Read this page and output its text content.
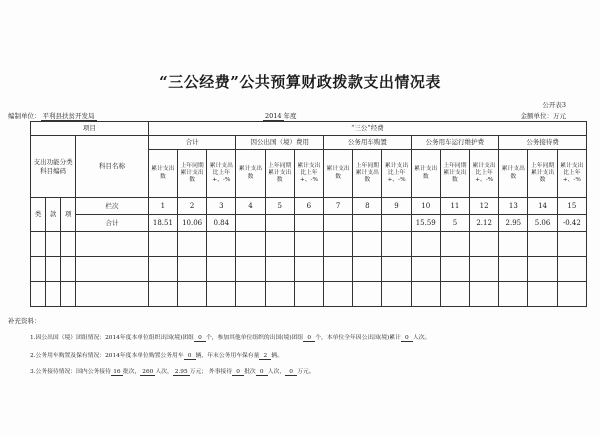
“三公经费”公共预算财政拨款支出情况表
公开表3
编制单位： 平利县扶贫开发局	2014 年度	金额单位：万元
项目				“三公”经费														
支出功能分类科目编码			科目名称	合计			因公出国（境）费用			公务用车购置			公务用车运行维护费			公务接待费		
				累计支出数	上年同期累计支出数	累计支出比上年+、-%	累计支出数	上年同期累计支出数	累计支出比上年+、-%	累计支出数	上年同期累计支出数	累计支出比上年+、-%	累计支出数	上年同期累计支出数	累计支出比上年+、-%	累计支出数	上年同期累计支出数	累计支出比上年+、-%
类	款	项	栏次	1	2	3	4	5	6	7	8	9	10	11	12	13	14	15
			合计	18.51	10.06	0.84							15.59	5	2.12	2.95	5.06	-0.42

补充资料：
1.因公出国（境）团组情况：2014年度本单位组织出国(境)团组 0 个，参加其他单位组织的出国(境)团组 0 个，本单位全年因公出国(境)累计 0 人次。
2.公务用车购置及保有情况：2014年度本单位购置公务用车 0 辆，年末公务用车保有量 2 辆。
3.公务接待情况：国内公务接待 16 批次， 260 人次， 2.95 万元； 外事接待 0 批次 0 人次， 0 万元。
